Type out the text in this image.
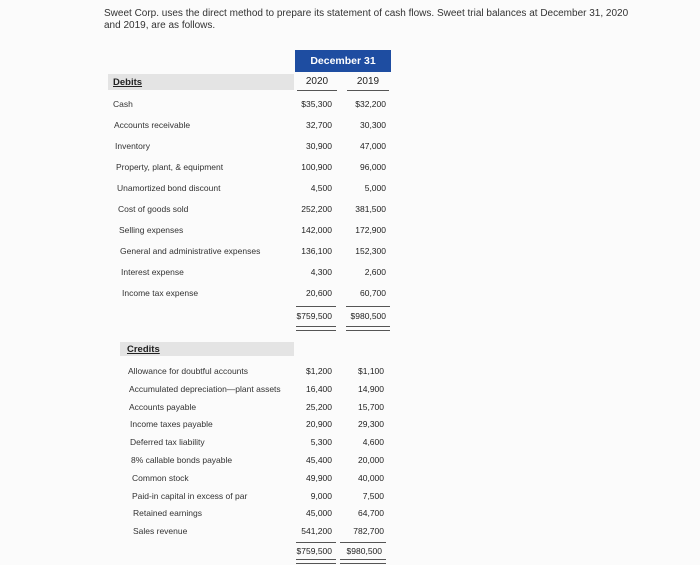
Sweet Corp. uses the direct method to prepare its statement of cash flows. Sweet trial balances at December 31, 2020
and 2019, are as follows.
December 31
2020	2019
Debits
Cash	$35,300	$32,200
Accounts receivable	32,700	30,300
Inventory	30,900	47,000
Property, plant, & equipment	100,900	96,000
Unamortized bond discount	4,500	5,000
Cost of goods sold	252,200	381,500
Selling expenses	142,000	172,900
General and administrative expenses	136,100	152,300
Interest expense	4,300	2,600
Income tax expense	20,600	60,700
$759,500	$980,500
Credits
Allowance for doubtful accounts	$1,200	$1,100
Accumulated depreciation—plant assets	16,400	14,900
Accounts payable	25,200	15,700
Income taxes payable	20,900	29,300
Deferred tax liability	5,300	4,600
8% callable bonds payable	45,400	20,000
Common stock	49,900	40,000
Paid-in capital in excess of par	9,000	7,500
Retained earnings	45,000	64,700
Sales revenue	541,200	782,700
$759,500	$980,500
